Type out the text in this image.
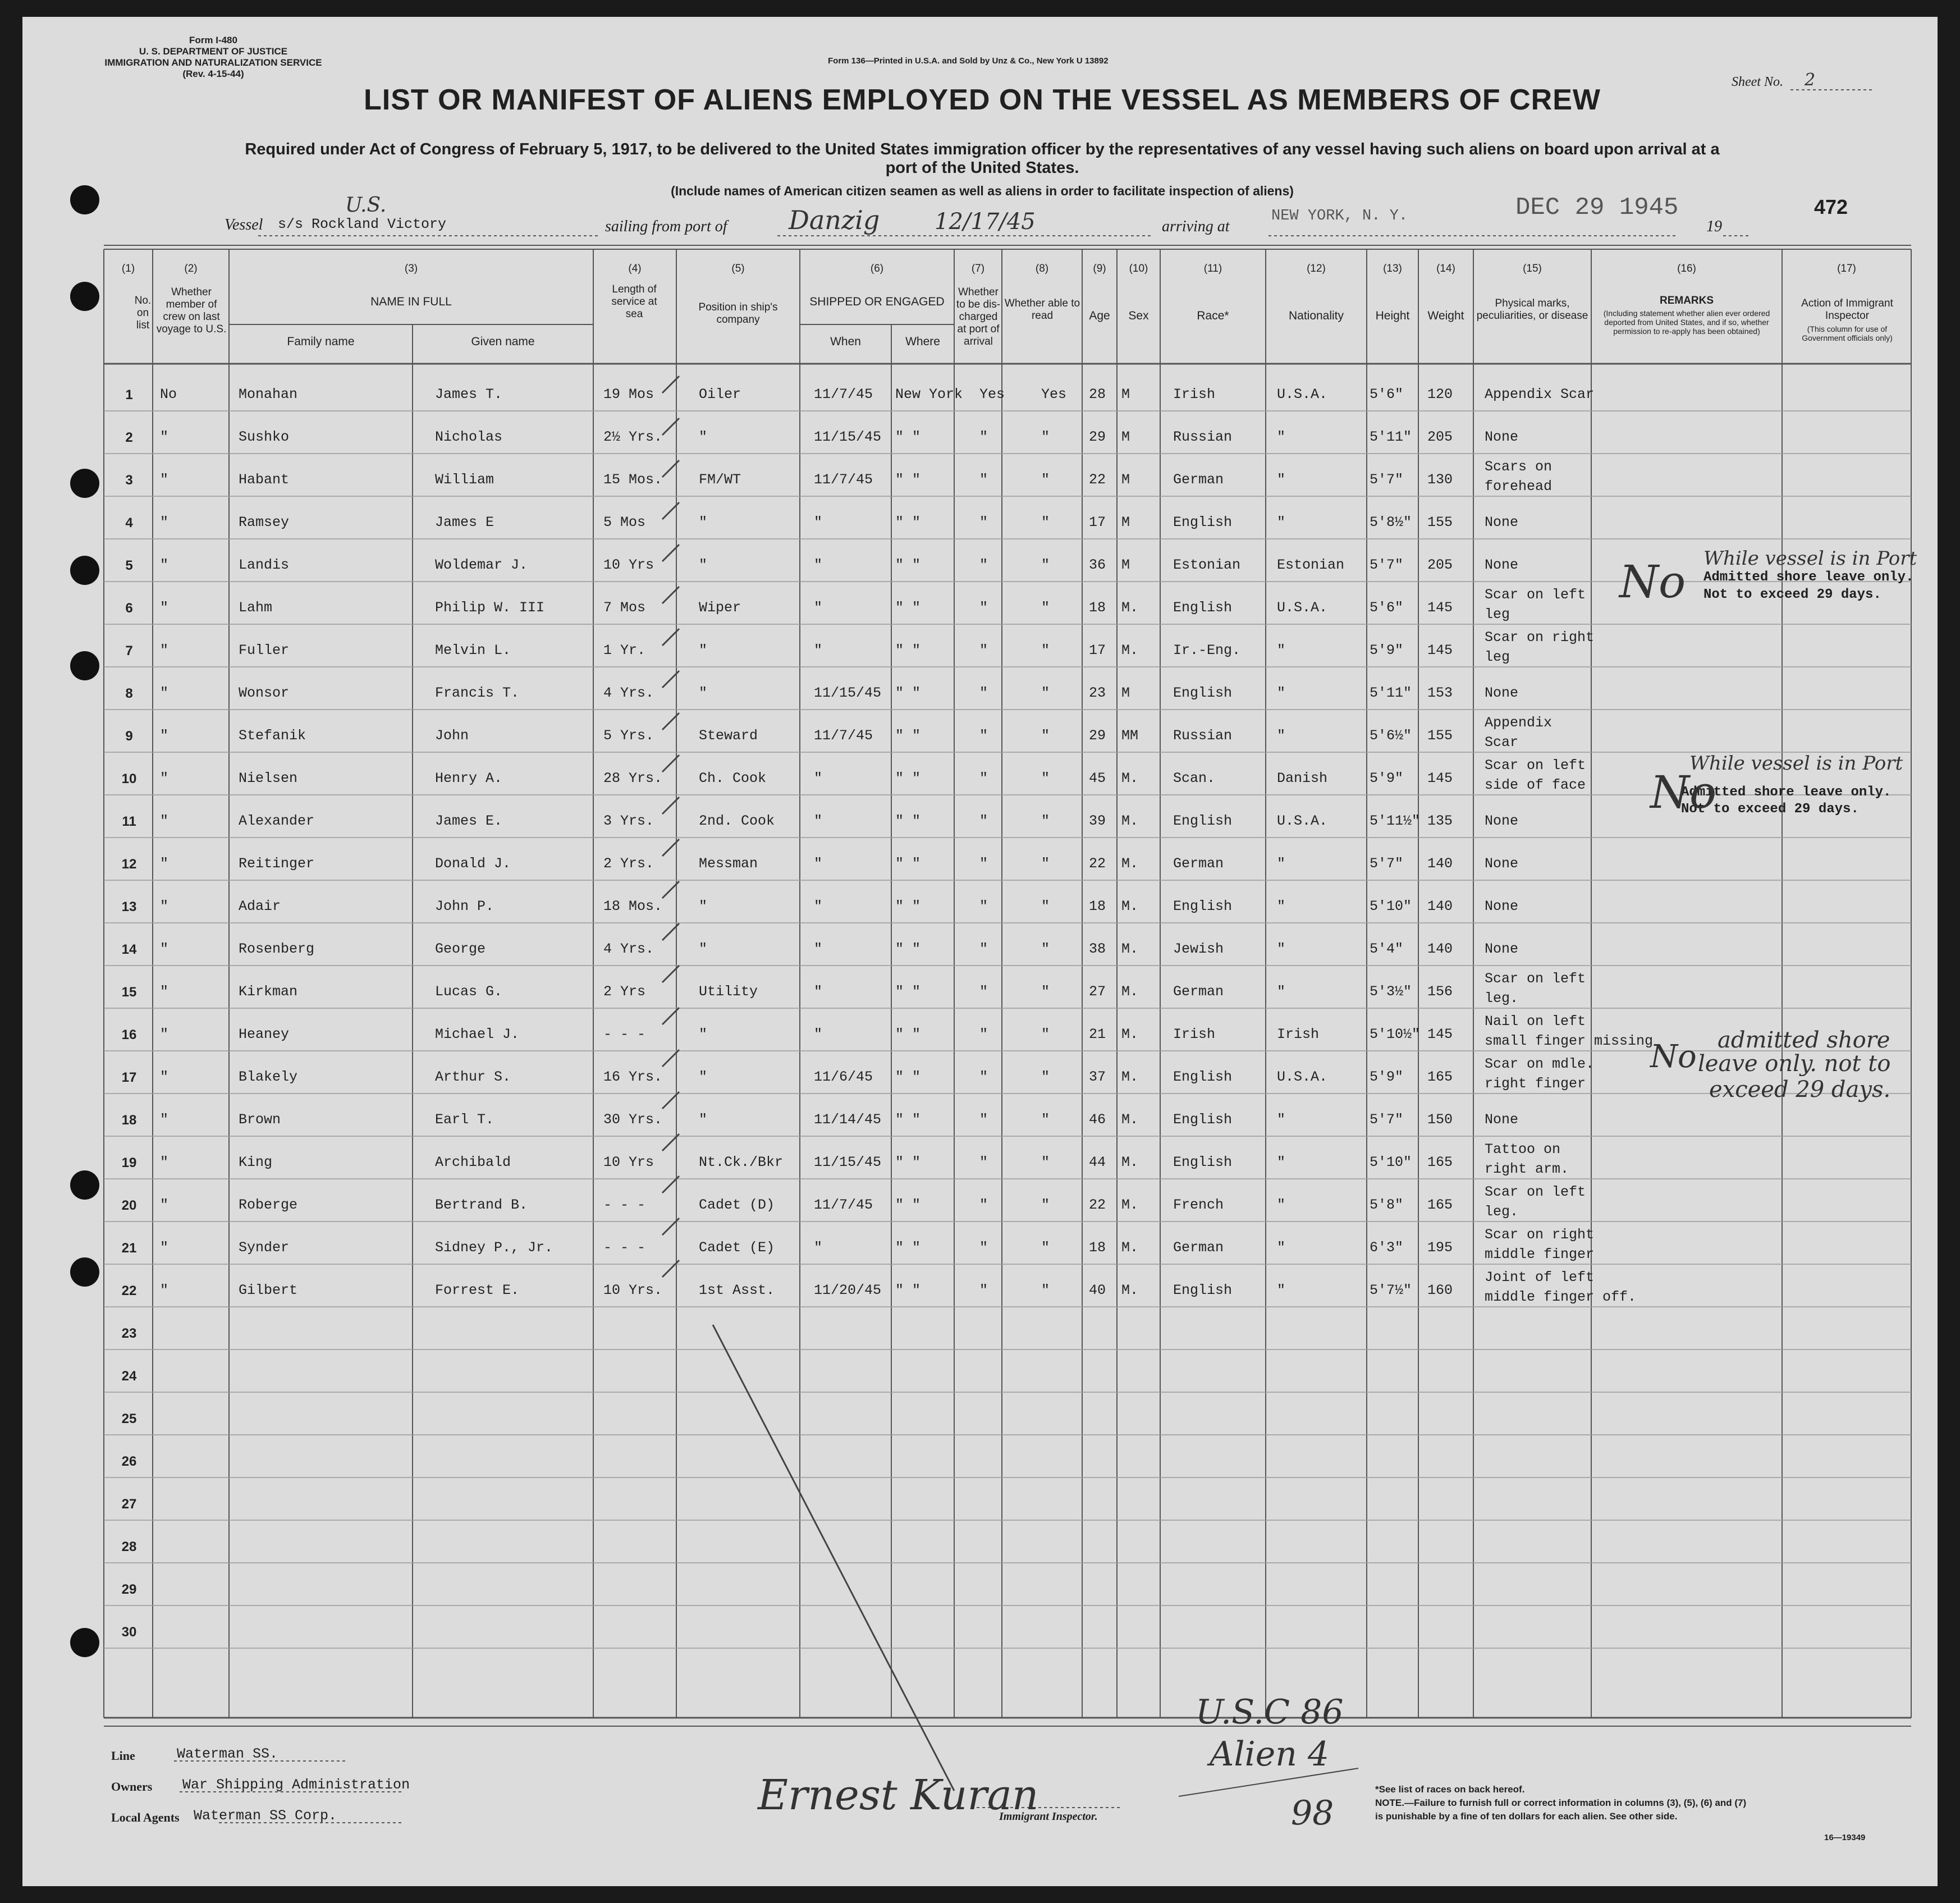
Form I-480
U. S. DEPARTMENT OF JUSTICE
IMMIGRATION AND NATURALIZATION SERVICE
(Rev. 4-15-44)
Form 136—Printed in U.S.A. and Sold by Unz & Co., New York U 13892
Sheet No. 2
LIST OR MANIFEST OF ALIENS EMPLOYED ON THE VESSEL AS MEMBERS OF CREW
Required under Act of Congress of February 5, 1917, to be delivered to the United States immigration officer by the representatives of any vessel having such aliens on board upon arrival at a
port of the United States.
(Include names of American citizen seamen as well as aliens in order to facilitate inspection of aliens)
Vessel
U.S.
s/s Rockland Victory	sailing from port of Danzig 12/17/45	arriving at
NEW YORK, N. Y.	DEC 29 1945
19
472
(1)	(2)	(3)	(4)	(5)	(6)	(7)	(8)	(9)	(10)	(11)	(12)	(13)	(14)	(15)	(16)	(17)
No. on list
Whether member of crew on last voyage to U.S.
NAME IN FULL
Family name	Given name
Length of service at sea
Position in ship's company
SHIPPED OR ENGAGED
When	Where
Whether to be dis- charged at port of arrival
Whether able to read	Age	Sex	Race*	Nationality	Height	Weight
Physical marks, peculiarities, or disease
REMARKS
(Including statement whether alien ever ordered deported from United States, and if so, whether permission to re-apply has been obtained)
Action of Immigrant Inspector
(This column for use of Government officials only)
1	No	Monahan	James T.	19 Mos	Oiler	11/7/45 New York Yes	Yes 28 M	Irish	U.S.A.	5'6" 120 Appendix Scar
2	"	Sushko	Nicholas	2½ Yrs.	"	11/15/45 " "	"	"	29 M	Russian	"	5'11" 205 None
3	"	Habant	William	15 Mos.	FM/WT	11/7/45 " "	"	"	22 M	German	"	5'7" 130
Scars on
forehead
4	"	Ramsey	James E	5 Mos	"	"	" "	"	"	17 M	English	"	5'8½" 155 None
5	"	Landis	Woldemar J.	10 Yrs	"	"	" "	"	"	36 M	Estonian	Estonian 5'7" 205 None
6	"	Lahm	Philip W. III	7 Mos	Wiper	"	" "	"	"	18 M. English	U.S.A.	5'6" 145
Scar on left
leg
7	"	Fuller	Melvin L.	1 Yr.	"	"	" "	"	"	17 M. Ir.-Eng.	"	5'9" 145
Scar on right
leg
8	"	Wonsor	Francis T.	4 Yrs.	"	11/15/45 " "	"	"	23 M	English	"	5'11" 153 None
9	"	Stefanik	John	5 Yrs.	Steward	11/7/45 " "	"	"	29 MM Russian	"	5'6½" 155
Appendix
Scar
10	"	Nielsen	Henry A.	28 Yrs.	Ch. Cook	"	" "	"	"	45 M. Scan.	Danish	5'9" 145
Scar on left
side of face
11	"	Alexander	James E.	3 Yrs.	2nd. Cook	"	" "	"	"	39 M. English	U.S.A.	5'11½" 135 None
12	"	Reitinger	Donald J.	2 Yrs.	Messman	"	" "	"	"	22 M. German	"	5'7" 140 None
13	"	Adair	John P.	18 Mos.	"	"	" "	"	"	18 M. English	"	5'10" 140 None
14	"	Rosenberg	George	4 Yrs.	"	"	" "	"	"	38 M. Jewish	"	5'4" 140 None
15	"	Kirkman	Lucas G.	2 Yrs	Utility	"	" "	"	"	27 M. German	"	5'3½" 156
Scar on left
leg.
16	"	Heaney	Michael J.	- - -	"	"	" "	"	"	21 M. Irish	Irish	5'10½" 145
Nail on left
small finger missing
17	"	Blakely	Arthur S.	16 Yrs.	"	11/6/45 " "	"	"	37 M. English	U.S.A.	5'9" 165
Scar on mdle.
right finger
18	"	Brown	Earl T.	30 Yrs.	"	11/14/45 " "	"	"	46 M. English	"	5'7" 150 None
19	"	King	Archibald	10 Yrs	Nt.Ck./Bkr 11/15/45 " "	"	"	44 M. English	"	5'10" 165
Tattoo on
right arm.
20	"	Roberge	Bertrand B.	- - -	Cadet (D)	11/7/45 " "	"	"	22 M. French	"	5'8" 165
Scar on left
leg.
21	"	Synder	Sidney P., Jr.	- - -	Cadet (E)	"	" "	"	"	18 M. German	"	6'3" 195
Scar on right
middle finger
22	"	Gilbert	Forrest E.	10 Yrs.	1st Asst.	11/20/45 " "	"	"	40 M. English	"	5'7½" 160
Joint of left
middle finger off.
23
24
25
26
27
28
29
30
While vessel is in Port
Admitted shore leave only.
Not to exceed 29 days.
No
While vessel is in Port
Admitted shore leave only.
Not to exceed 29 days.
No
No admitted shore
leave only. not to
exceed 29 days.
Line	Waterman SS.
Owners War Shipping Administration
Local Agents Waterman SS Corp.	Ernest Kuran
Immigrant Inspector.
U.S.C 86
Alien 4
98
*See list of races on back hereof.
NOTE.—Failure to furnish full or correct information in columns (3), (5), (6) and (7)
is punishable by a fine of ten dollars for each alien. See other side.
16—19349
